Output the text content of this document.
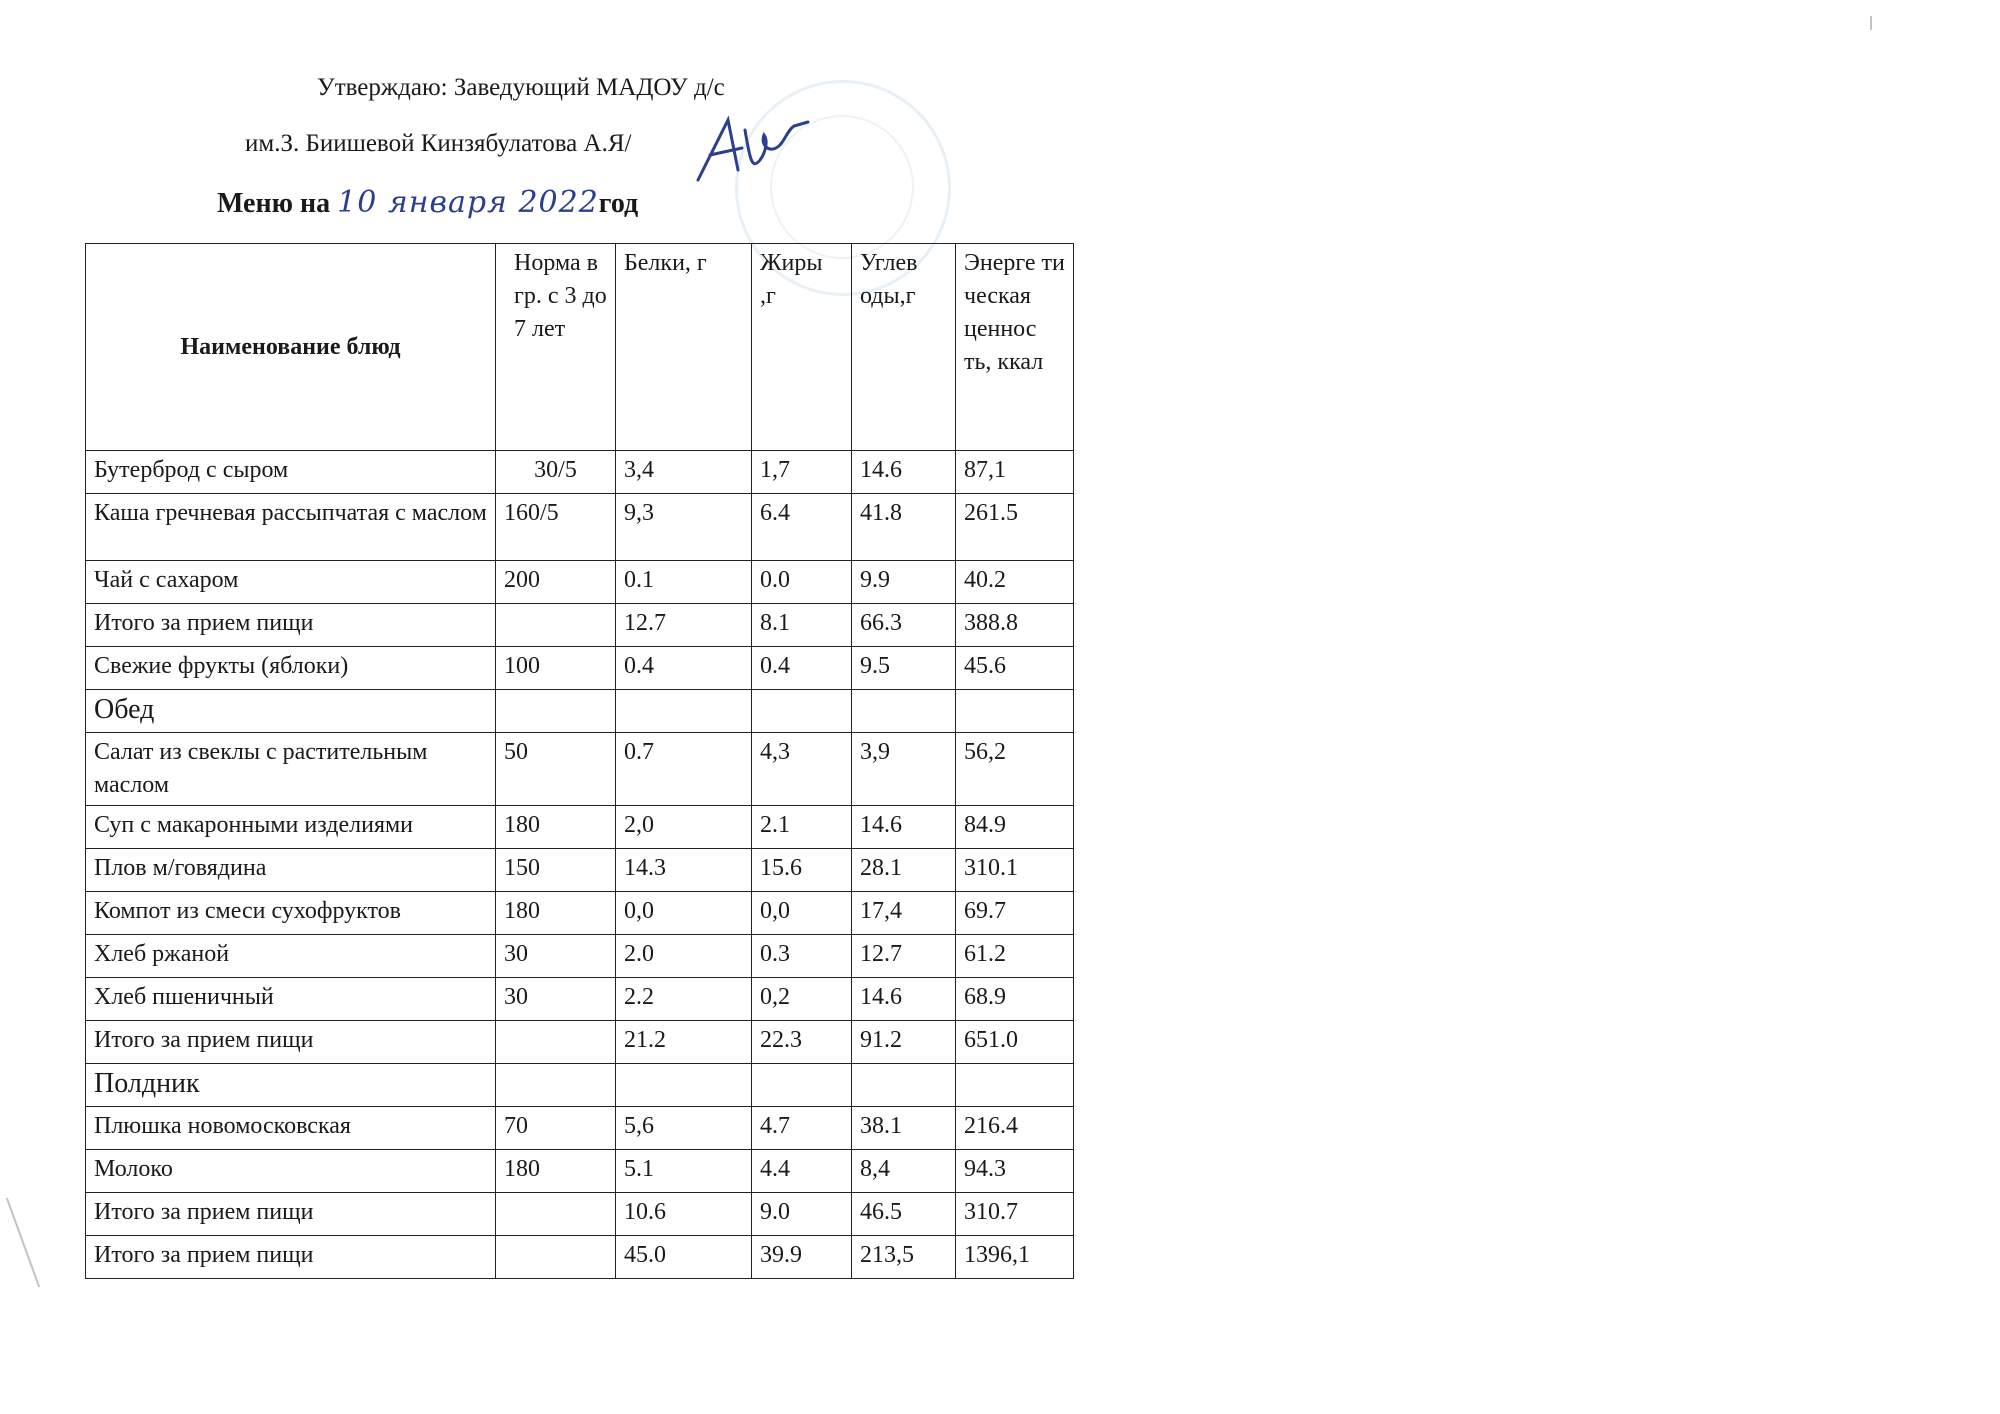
Утверждаю: Заведующий МАДОУ д/с
им.З. Биишевой Кинзябулатова А.Я/
Меню на 10 января 2022год
Наименование блюд	Норма в гр. с 3 до 7 лет	Белки, г	Жиры ,г	Углев оды,г	Энерге ти ческая ценнос ть, ккал
Бутерброд с сыром	30/5	3,4	1,7	14.6	87,1
Каша гречневая рассыпчатая с маслом	160/5	9,3	6.4	41.8	261.5
Чай с сахаром	200	0.1	0.0	9.9	40.2
Итого за прием пищи		12.7	8.1	66.3	388.8
Свежие фрукты (яблоки)	100	0.4	0.4	9.5	45.6
Обед					
Салат из свеклы с растительным маслом	50	0.7	4,3	3,9	56,2
Суп с макаронными изделиями	180	2,0	2.1	14.6	84.9
Плов м/говядина	150	14.3	15.6	28.1	310.1
Компот из смеси сухофруктов	180	0,0	0,0	17,4	69.7
Хлеб ржаной	30	2.0	0.3	12.7	61.2
Хлеб пшеничный	30	2.2	0,2	14.6	68.9
Итого за прием пищи		21.2	22.3	91.2	651.0
Полдник					
Плюшка новомосковская	70	5,6	4.7	38.1	216.4
Молоко	180	5.1	4.4	8,4	94.3
Итого за прием пищи		10.6	9.0	46.5	310.7
Итого за прием пищи		45.0	39.9	213,5	1396,1
